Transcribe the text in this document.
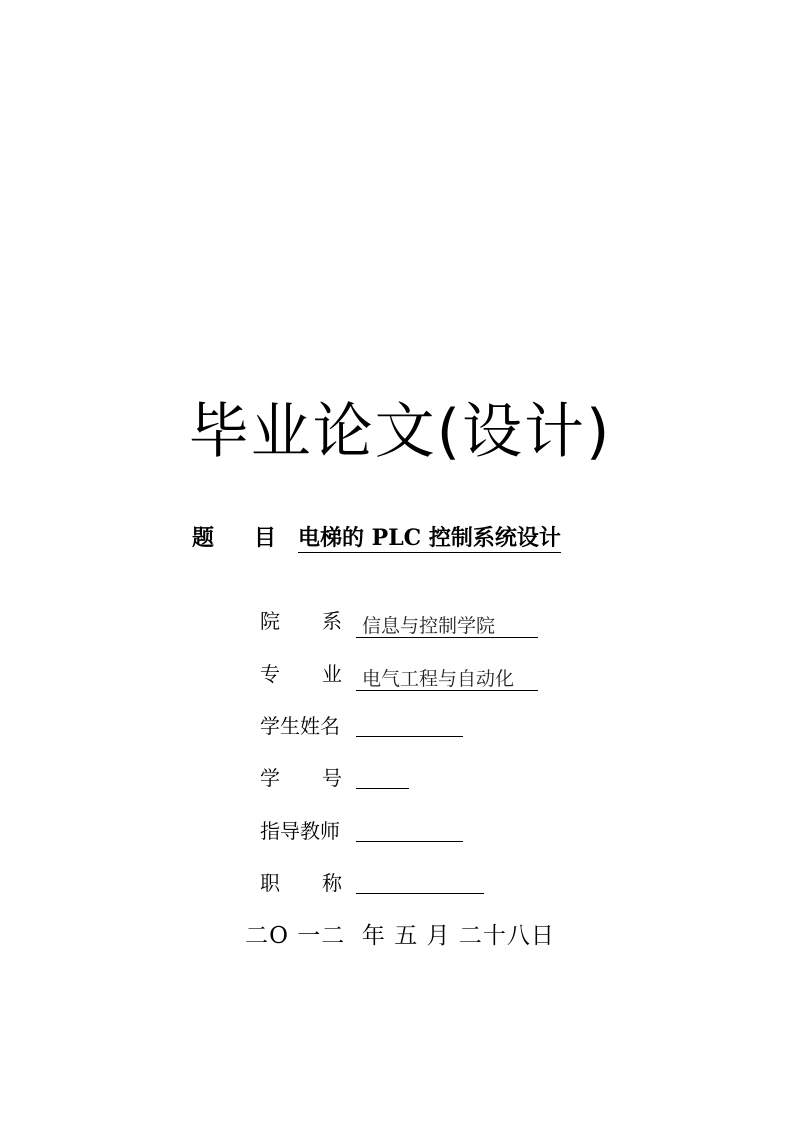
毕业论文(设计)
题 目 电梯的 PLC 控制系统设计
院 系 信息与控制学院
专 业 电气工程与自动化
学生姓名
学 号
指导教师
职 称
二O 一二  年 五 月 二十八日
